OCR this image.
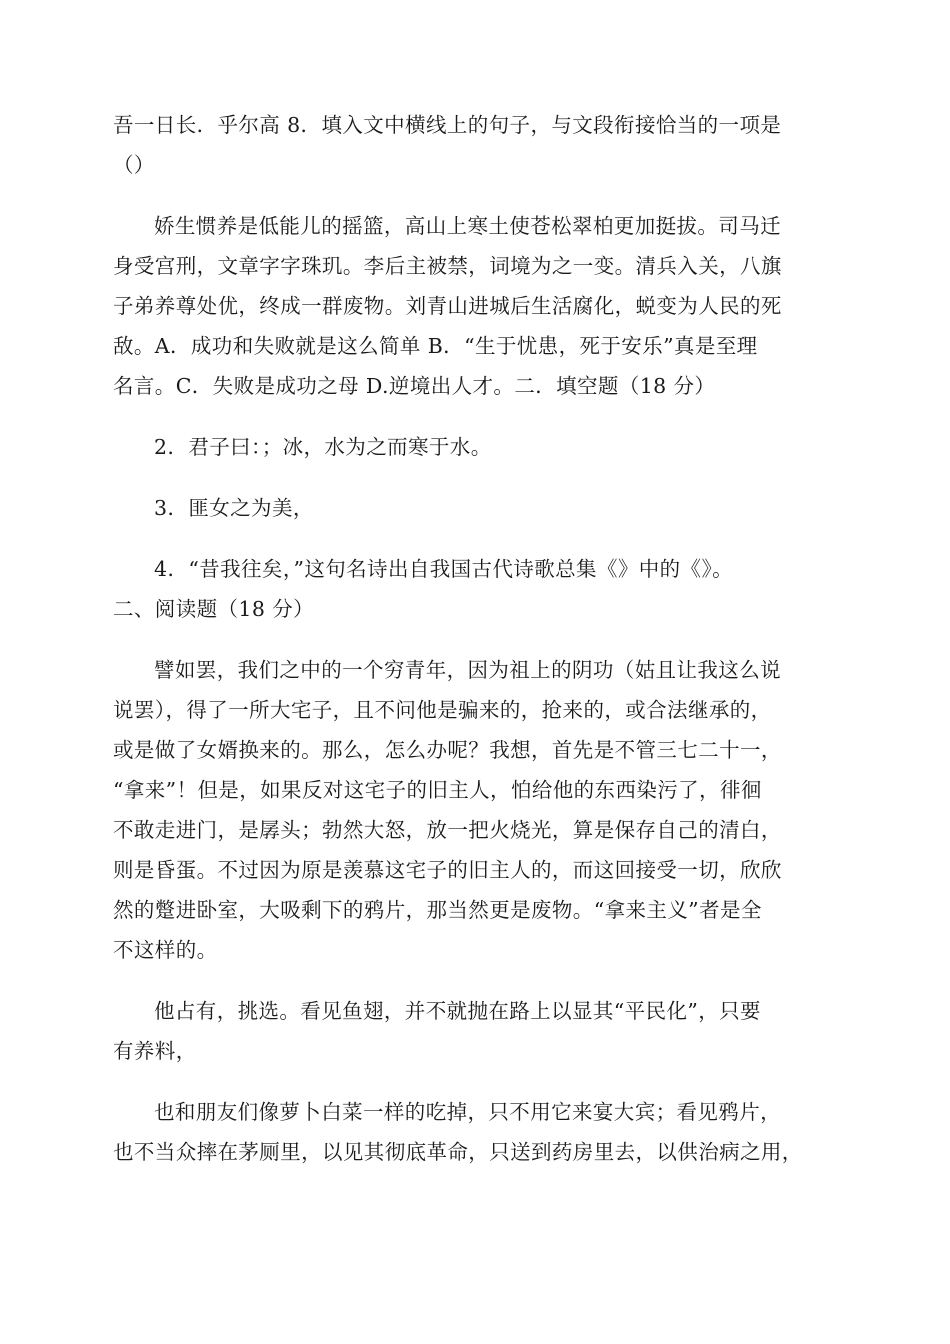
吾一日长．乎尔高 8．填入文中横线上的句子，与文段衔接恰当的一项是
（）

娇生惯养是低能儿的摇篮，高山上寒土使苍松翠柏更加挺拔。司马迁
身受宫刑，文章字字珠玑。李后主被禁，词境为之一变。清兵入关，八旗
子弟养尊处优，终成一群废物。刘青山进城后生活腐化，蜕变为人民的死
敌。A．成功和失败就是这么简单 B．“生于忧患，死于安乐”真是至理
名言。C．失败是成功之母 D.逆境出人才。二．填空题（18 分）

2．君子曰：；冰，水为之而寒于水。

3．匪女之为美，

4．“昔我往矣，”这句名诗出自我国古代诗歌总集《》中的《》。
二、阅读题（18 分）

譬如罢，我们之中的一个穷青年，因为祖上的阴功（姑且让我这么说
说罢），得了一所大宅子，且不问他是骗来的，抢来的，或合法继承的，
或是做了女婿换来的。那么，怎么办呢？我想，首先是不管三七二十一，
“拿来”！但是，如果反对这宅子的旧主人，怕给他的东西染污了，徘徊
不敢走进门，是孱头；勃然大怒，放一把火烧光，算是保存自己的清白，
则是昏蛋。不过因为原是羡慕这宅子的旧主人的，而这回接受一切，欣欣
然的蹩进卧室，大吸剩下的鸦片，那当然更是废物。“拿来主义”者是全
不这样的。

他占有，挑选。看见鱼翅，并不就抛在路上以显其“平民化”，只要
有养料，

也和朋友们像萝卜白菜一样的吃掉，只不用它来宴大宾；看见鸦片，
也不当众摔在茅厕里，以见其彻底革命，只送到药房里去，以供治病之用，
